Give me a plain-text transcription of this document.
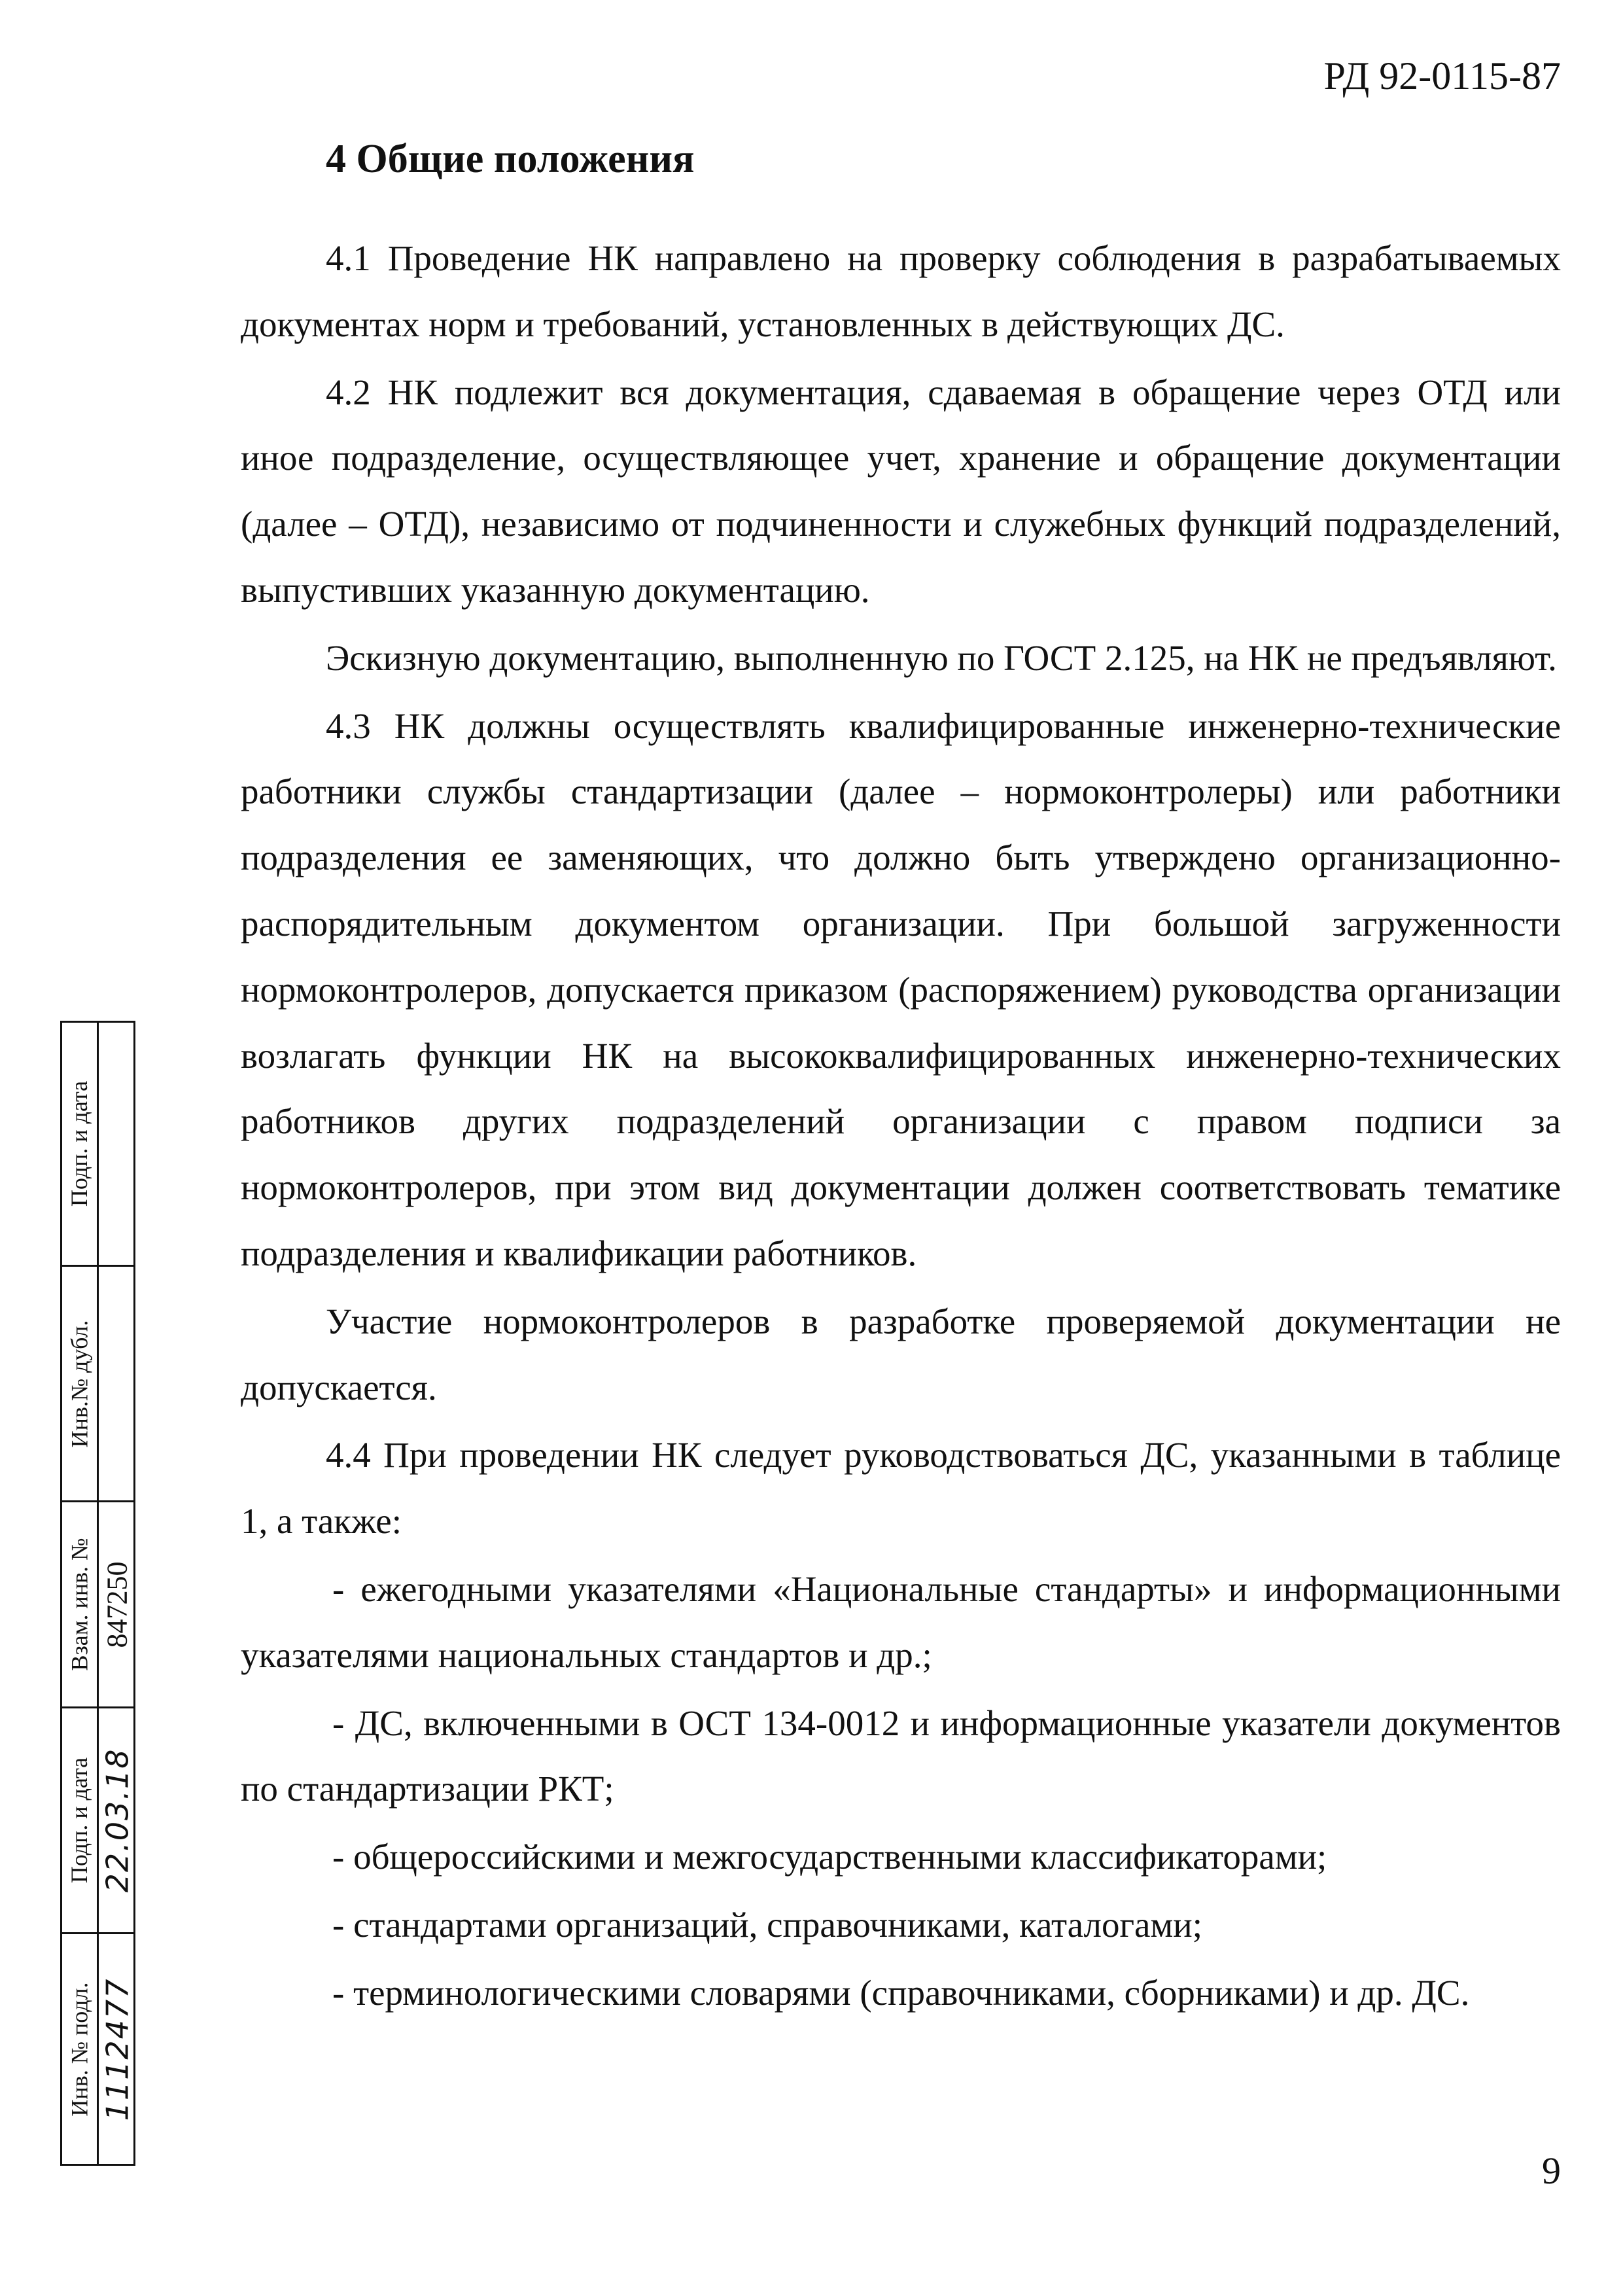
РД 92-0115-87
4 Общие положения

4.1 Проведение НК направлено на проверку соблюдения в разрабатываемых документах норм и требований, установленных в действующих ДС.

4.2 НК подлежит вся документация, сдаваемая в обращение через ОТД или иное подразделение, осуществляющее учет, хранение и обращение документации (далее – ОТД), независимо от подчиненности и служебных функций подразделений, выпустивших указанную документацию.

Эскизную документацию, выполненную по ГОСТ 2.125, на НК не предъявляют.

4.3 НК должны осуществлять квалифицированные инженерно-технические работники службы стандартизации (далее – нормоконтролеры) или работники подразделения ее заменяющих, что должно быть утверждено организационно-распорядительным документом организации. При большой загруженности нормоконтролеров, допускается приказом (распоряжением) руководства организации возлагать функции НК на высококвалифицированных инженерно-технических работников других подразделений организации с правом подписи за нормоконтролеров, при этом вид документации должен соответствовать тематике подразделения и квалификации работников.

Участие нормоконтролеров в разработке проверяемой документации не допускается.

4.4 При проведении НК следует руководствоваться ДС, указанными в таблице 1, а также:

- ежегодными указателями «Национальные стандарты» и информационными указателями национальных стандартов и др.;

- ДС, включенными в ОСТ 134-0012 и информационные указатели документов по стандартизации РКТ;

- общероссийскими и межгосударственными классификаторами;

- стандартами организаций, справочниками, каталогами;

- терминологическими словарями (справочниками, сборниками) и др. ДС.

9
Подп. и дата
Инв.№ дубл.
Взам. инв. № 847250
Подп. и дата 22.03.18
Инв. № подл. 1112477
